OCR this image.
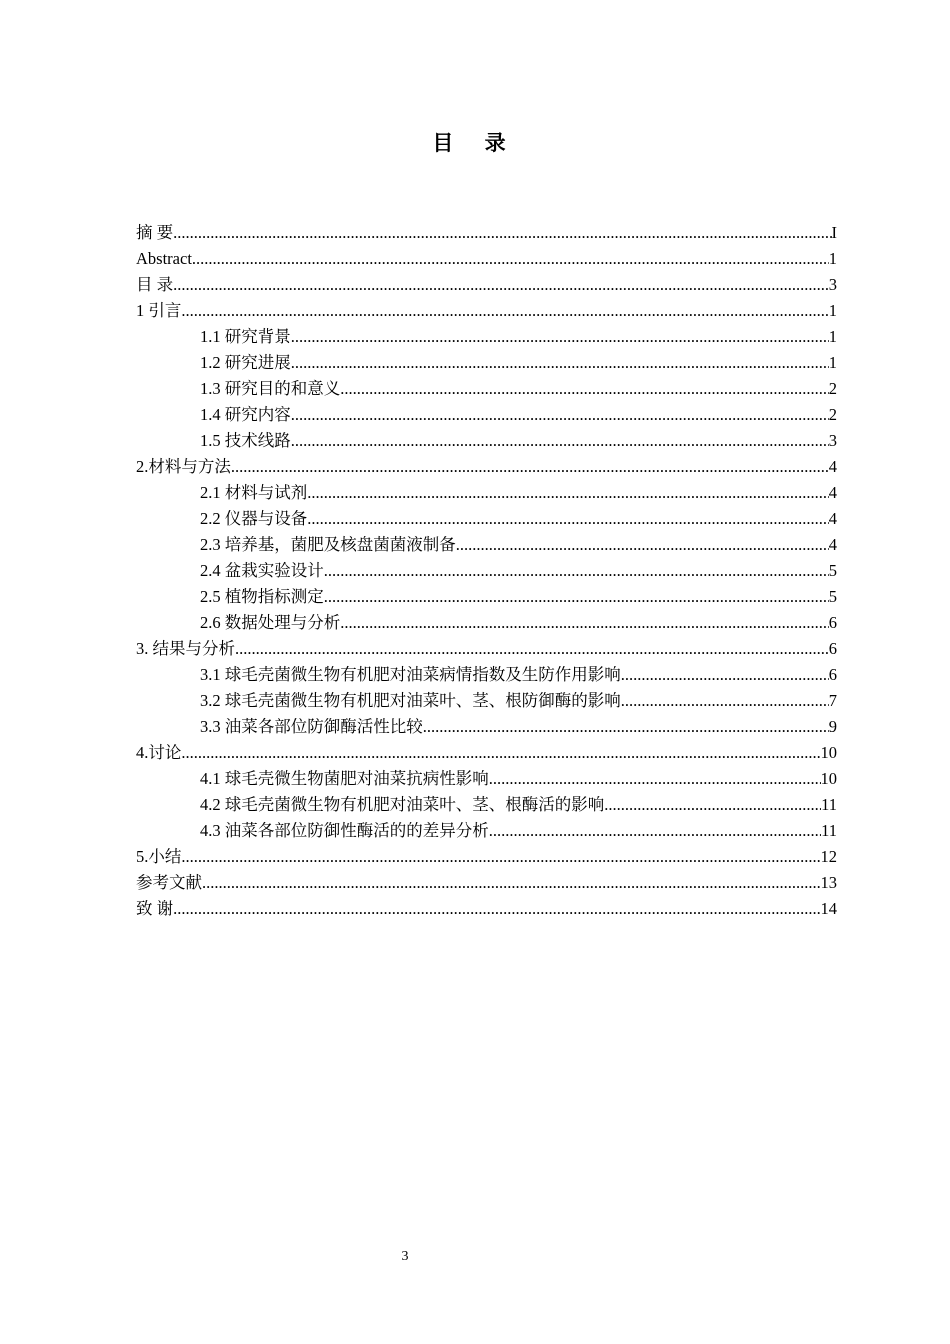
目 录
摘 要 .....	I
Abstract .....	1
目 录 .....	3
1 引言 .....	1
1.1 研究背景 .....	1
1.2 研究进展 .....	1
1.3 研究目的和意义 .....	2
1.4 研究内容 .....	2
1.5 技术线路 .....	3
2.材料与方法 .....	4
2.1 材料与试剂 .....	4
2.2 仪器与设备 .....	4
2.3 培养基，菌肥及核盘菌菌液制备 .....	4
2.4 盆栽实验设计 .....	5
2.5 植物指标测定 .....	5
2.6 数据处理与分析 .....	6
3. 结果与分析 .....	6
3.1 球毛壳菌微生物有机肥对油菜病情指数及生防作用影响 .....	6
3.2 球毛壳菌微生物有机肥对油菜叶、茎、根防御酶的影响 .....	7
3.3 油菜各部位防御酶活性比较 .....	9
4.讨论 .....	10
4.1 球毛壳微生物菌肥对油菜抗病性影响 .....	10
4.2 球毛壳菌微生物有机肥对油菜叶、茎、根酶活的影响 .....	11
4.3 油菜各部位防御性酶活的的差异分析 .....	11
5.小结 .....	12
参考文献 .....	13
致 谢 .....	14
3
